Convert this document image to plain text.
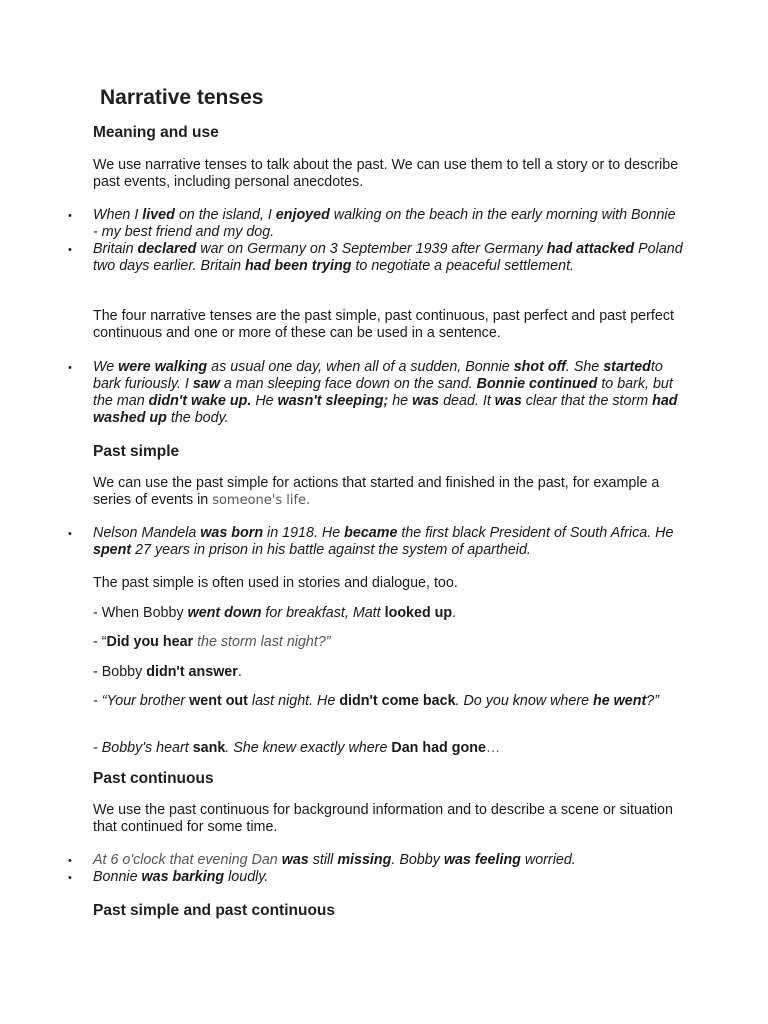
Narrative tenses
Meaning and use

We use narrative tenses to talk about the past. We can use them to tell a story or to describe past events, including personal anecdotes.

• When I lived on the island, I enjoyed walking on the beach in the early morning with Bonnie - my best friend and my dog.

• Britain declared war on Germany on 3 September 1939 after Germany had attacked Poland two days earlier. Britain had been trying to negotiate a peaceful settlement.

The four narrative tenses are the past simple, past continuous, past perfect and past perfect continuous and one or more of these can be used in a sentence.

• We were walking as usual one day, when all of a sudden, Bonnie shot off. She startedto bark furiously. I saw a man sleeping face down on the sand. Bonnie continued to bark, but the man didn't wake up. He wasn't sleeping; he was dead. It was clear that the storm had washed up the body.

Past simple

We can use the past simple for actions that started and finished in the past, for example a series of events in someone's life.

• Nelson Mandela was born in 1918. He became the first black President of South Africa. He spent 27 years in prison in his battle against the system of apartheid.

The past simple is often used in stories and dialogue, too.

- When Bobby went down for breakfast, Matt looked up.

- “Did you hear the storm last night?”

- Bobby didn't answer.

- “Your brother went out last night. He didn't come back. Do you know where he went?”

- Bobby's heart sank. She knew exactly where Dan had gone…

Past continuous

We use the past continuous for background information and to describe a scene or situation that continued for some time.

• At 6 o'clock that evening Dan was still missing. Bobby was feeling worried.

• Bonnie was barking loudly.

Past simple and past continuous
